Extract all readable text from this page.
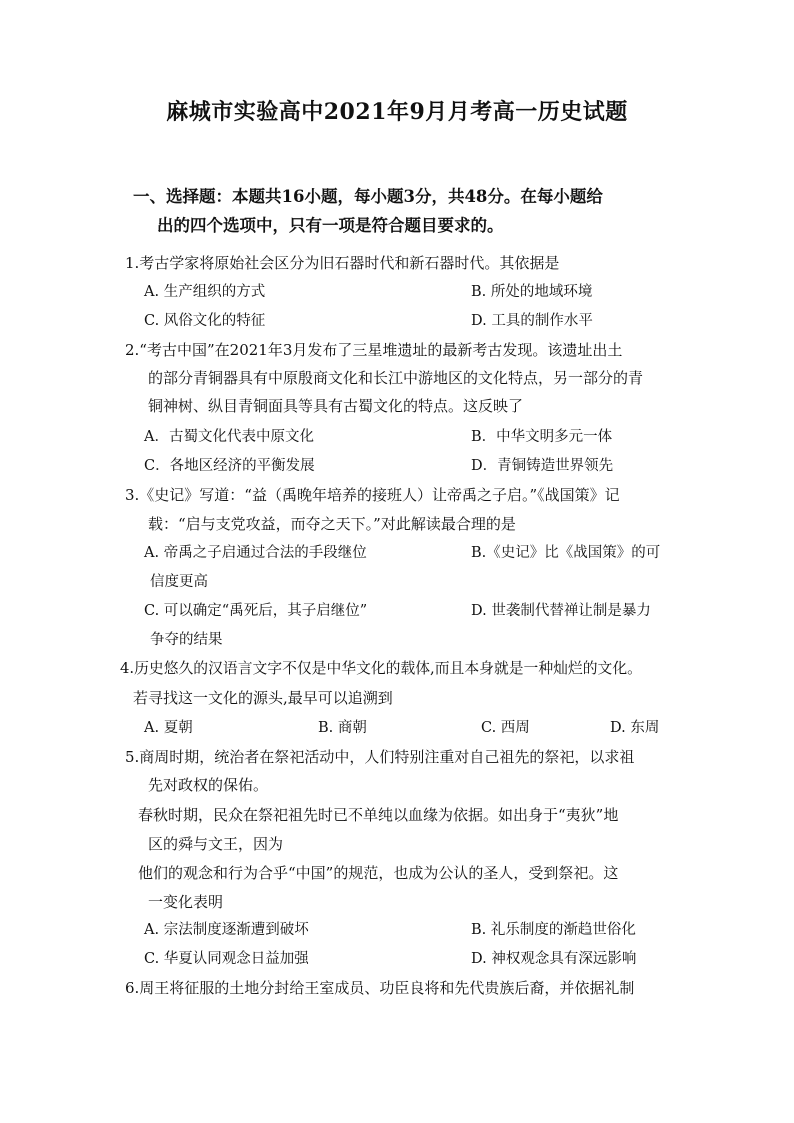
麻城市实验高中2021年9月月考高一历史试题
一、选择题：本题共16小题，每小题3分，共48分。在每小题给
出的四个选项中，只有一项是符合题目要求的。
1.考古学家将原始社会区分为旧石器时代和新石器时代。其依据是
A. 生产组织的方式	B. 所处的地域环境
C. 风俗文化的特征	D. 工具的制作水平
2.“考古中国”在2021年3月发布了三星堆遗址的最新考古发现。该遗址出土
的部分青铜器具有中原殷商文化和长江中游地区的文化特点，另一部分的青
铜神树、纵目青铜面具等具有古蜀文化的特点。这反映了
A．古蜀文化代表中原文化	B．中华文明多元一体
C．各地区经济的平衡发展	D．青铜铸造世界领先
3.《史记》写道：“益（禹晚年培养的接班人）让帝禹之子启。”《战国策》记
载：“启与支党攻益，而夺之天下。”对此解读最合理的是
A. 帝禹之子启通过合法的手段继位	B.《史记》比《战国策》的可
信度更高
C. 可以确定“禹死后，其子启继位”	D. 世袭制代替禅让制是暴力
争夺的结果
4.历史悠久的汉语言文字不仅是中华文化的载体,而且本身就是一种灿烂的文化。
若寻找这一文化的源头,最早可以追溯到
A. 夏朝	B. 商朝	C. 西周	D. 东周
5.商周时期，统治者在祭祀活动中，人们特别注重对自己祖先的祭祀，以求祖
先对政权的保佑。
春秋时期，民众在祭祀祖先时已不单纯以血缘为依据。如出身于“夷狄”地
区的舜与文王，因为
他们的观念和行为合乎“中国”的规范，也成为公认的圣人，受到祭祀。这
一变化表明
A. 宗法制度逐渐遭到破坏	B. 礼乐制度的渐趋世俗化
C. 华夏认同观念日益加强	D. 神权观念具有深远影响
6.周王将征服的土地分封给王室成员、功臣良将和先代贵族后裔，并依据礼制
